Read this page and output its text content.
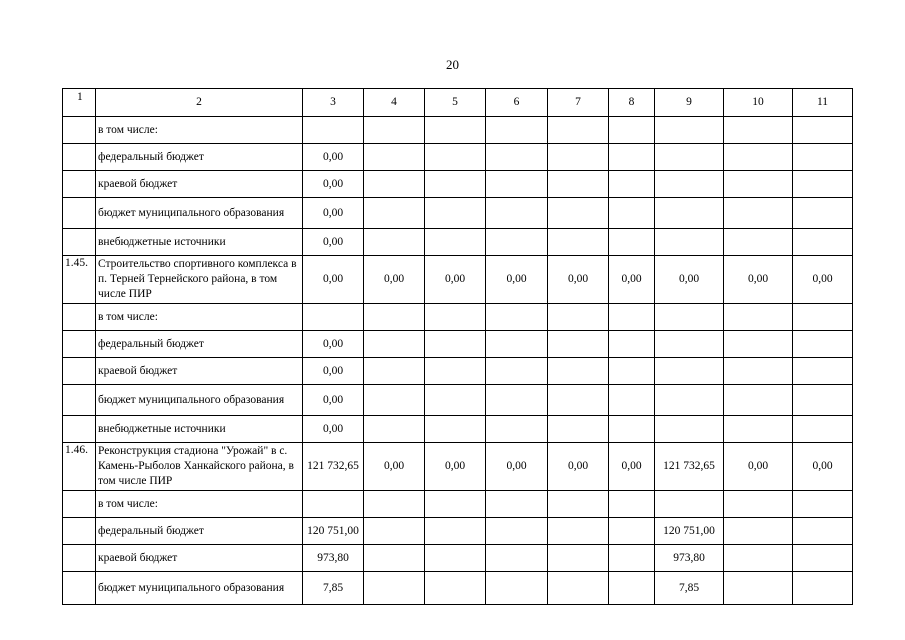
20
1	2	3	4	5	6	7	8	9	10	11
	в том числе:									
	федеральный бюджет	0,00								
	краевой бюджет	0,00								
	бюджет муниципального образования	0,00								
	внебюджетные источники	0,00								
1.45.	Строительство спортивного комплекса в п. Терней Тернейского района, в том числе ПИР	0,00	0,00	0,00	0,00	0,00	0,00	0,00	0,00	0,00
	в том числе:									
	федеральный бюджет	0,00								
	краевой бюджет	0,00								
	бюджет муниципального образования	0,00								
	внебюджетные источники	0,00								
1.46.	Реконструкция стадиона "Урожай" в с. Камень-Рыболов Ханкайского района, в том числе ПИР	121 732,65	0,00	0,00	0,00	0,00	0,00	121 732,65	0,00	0,00
	в том числе:									
	федеральный бюджет	120 751,00						120 751,00		
	краевой бюджет	973,80						973,80		
	бюджет муниципального образования	7,85						7,85		
